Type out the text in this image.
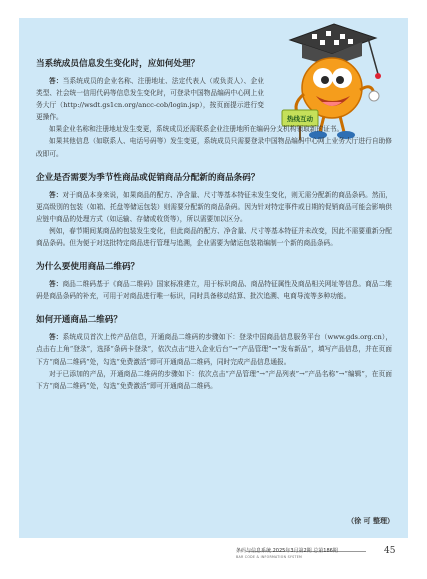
热线互动
当系统成员信息发生变化时，应如何处理？

答：当系统成员的企业名称、注册地址、法定代表人（或负责人）、企业类型、社会统一信用代码等信息发生变化时，可登录中国物品编码中心网上业务大厅（http://wsdt.gs1cn.org/ancc-cob/login.jsp），按页面提示进行变更操作。

如果企业名称和注册地址发生变更，系统成员还需联系企业注册地所在编码分支机构领取新的证书。

如果其他信息（如联系人、电话号码等）发生变更，系统成员只需要登录中国物品编码中心网上业务大厅进行自助修改即可。

企业是否需要为季节性商品或促销商品分配新的商品条码？

答：对于商品本身来说，如果商品的配方、净含量、尺寸等基本特征未发生变化，则无需分配新的商品条码。然而，更高级别的包装（如箱、托盘等储运包装）则需要分配新的商品条码。因为针对特定事件或日期的促销商品可能会影响供应链中商品的处理方式（如运输、存储或收货等），所以需要加以区分。

例如，春节期间某商品的包装发生变化，但此商品的配方、净含量、尺寸等基本特征并未改变，因此不需要重新分配商品条码。但为便于对这批特定商品进行管理与追溯，企业需要为储运包装箱编制一个新的商品条码。

为什么要使用商品二维码？

答：商品二维码基于《商品二维码》国家标准建立，用于标识商品、商品特征属性及商品相关网址等信息。商品二维码是商品条码的补充，可用于对商品进行唯一标识，同时具备移动结算、批次追溯、电商导流等多种功能。

如何开通商品二维码？

答：系统成员首次上传产品信息，开通商品二维码的步骤如下：登录中国商品信息服务平台（www.gds.org.cn），点击右上角“登录”，选择“条码卡登录”，依次点击“进入企业后台”→“产品管理”→“发布新品”，填写产品信息，并在页面下方“商品二维码”处，勾选“免费激活”即可开通商品二维码，同时完成产品信息通报。

对于已添加的产品，开通商品二维码的步骤如下：依次点击“产品管理”→“产品列表”→“产品名称”→“编辑”，在页面下方“商品二维码”处，勾选“免费激活”即可开通商品二维码。

（徐 可 整理）
条码与信息系统 2025年3月第2期 总第186期
BAR CODE & INFORMATION SYSTEM
45
